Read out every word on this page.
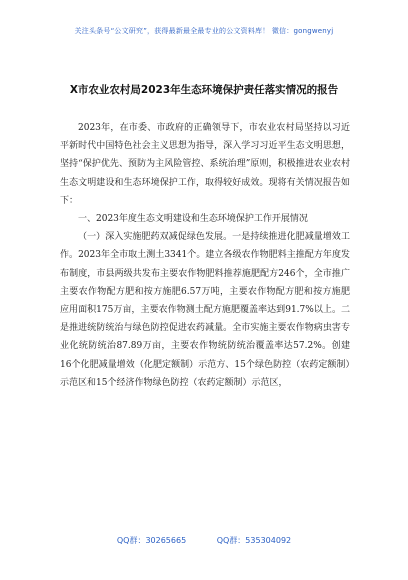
关注头条号“公文研究”，获得最新最全最专业的公文资料库！ 微信：gongwenyj
X市农业农村局2023年生态环境保护责任落实情况的报告

2023年，在市委、市政府的正确领导下，市农业农村局坚持以习近平新时代中国特色社会主义思想为指导，深入学习习近平生态文明思想，坚持“保护优先、预防为主风险管控、系统治理”原则，积极推进农业农村生态文明建设和生态环境保护工作，取得较好成效。现将有关情况报告如下：

一、2023年度生态文明建设和生态环境保护工作开展情况

（一）深入实施肥药双减促绿色发展。一是持续推进化肥减量增效工作。2023年全市取土测土3341个。建立各级农作物肥料主推配方年度发布制度，市县两级共发布主要农作物肥料推荐施肥配方246个，全市推广主要农作物配方肥和按方施肥6.57万吨，主要农作物配方肥和按方施肥应用面积175万亩，主要农作物测土配方施肥覆盖率达到91.7%以上。二是推进统防统治与绿色防控促进农药减量。全市实施主要农作物病虫害专业化统防统治87.89万亩，主要农作物统防统治覆盖率达57.2%。创建16个化肥减量增效（化肥定额制）示范方、15个绿色防控（农药定额制）示范区和15个经济作物绿色防控（农药定额制）示范区，

QQ群：30265665	QQ群：535304092
